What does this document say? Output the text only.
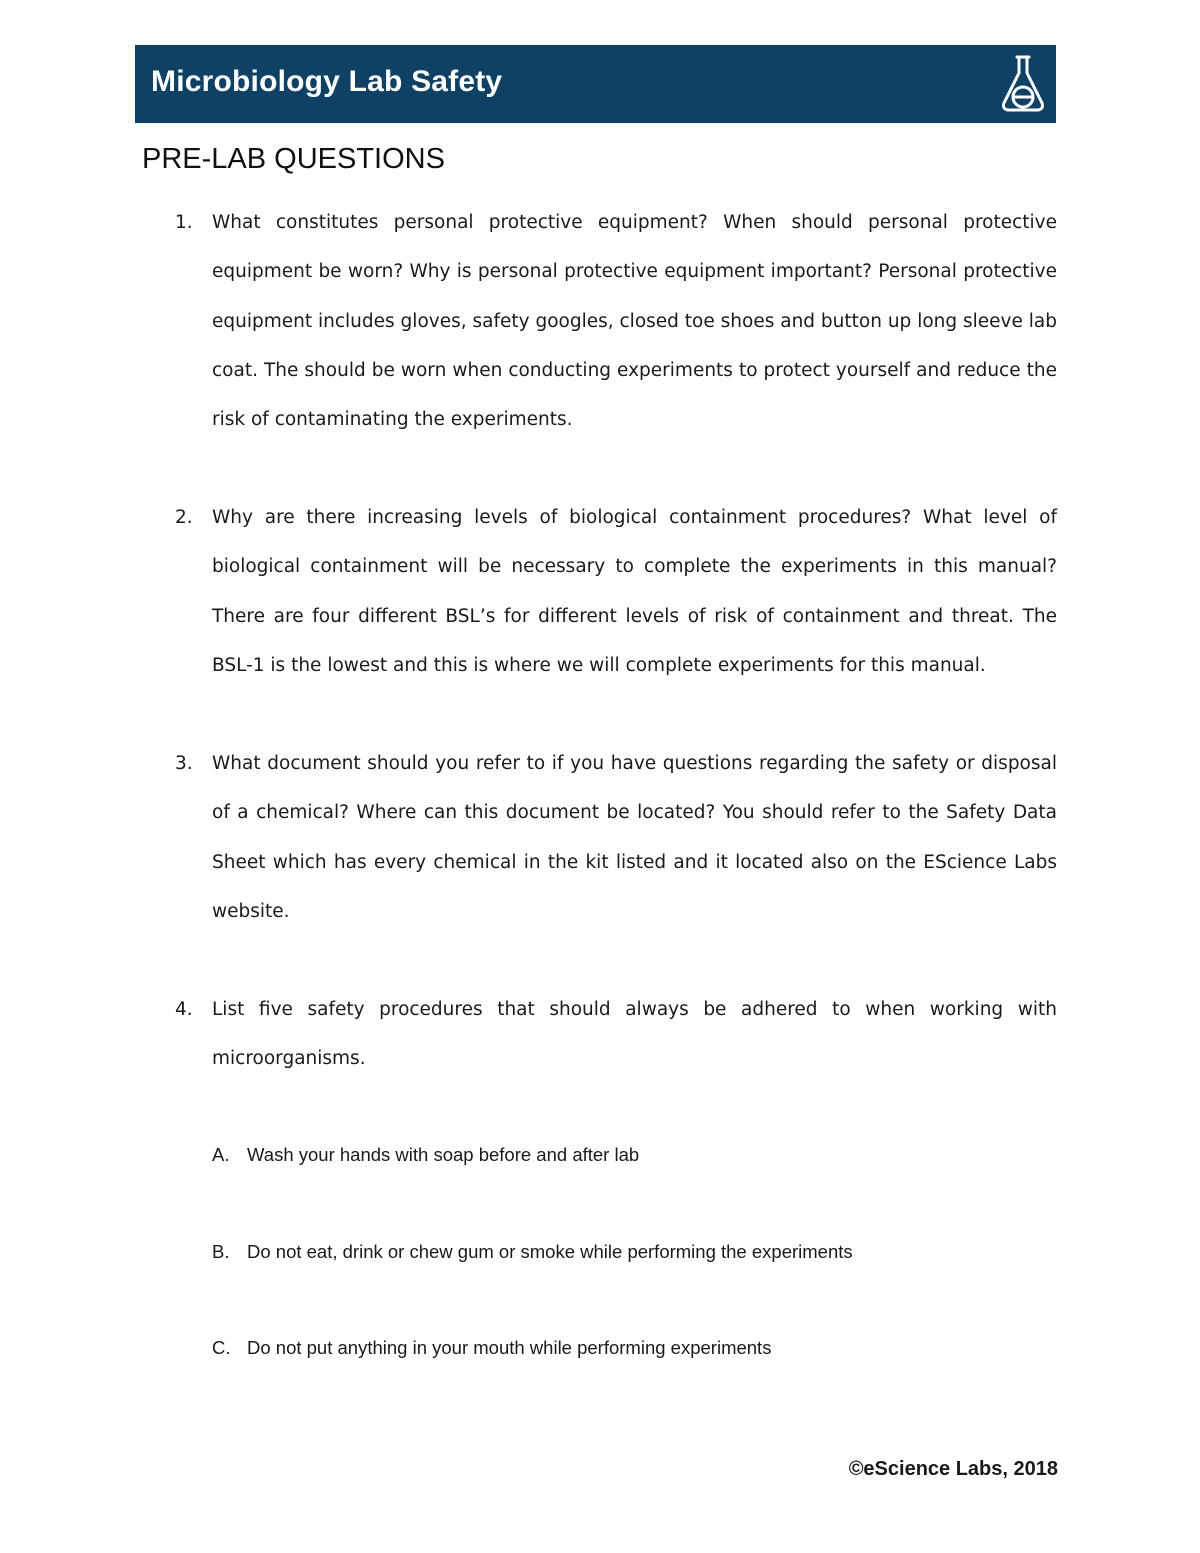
Microbiology Lab Safety
PRE-LAB QUESTIONS
1.	What constitutes personal protective equipment? When should personal protective equipment be worn? Why is personal protective equipment important? Personal protective equipment includes gloves, safety googles, closed toe shoes and button up long sleeve lab coat. The should be worn when conducting experiments to protect yourself and reduce the risk of contaminating the experiments.
2.	Why are there increasing levels of biological containment procedures? What level of biological containment will be necessary to complete the experiments in this manual? There are four different BSL’s for different levels of risk of containment and threat. The BSL-1 is the lowest and this is where we will complete experiments for this manual.
3.	What document should you refer to if you have questions regarding the safety or disposal of a chemical? Where can this document be located? You should refer to the Safety Data Sheet which has every chemical in the kit listed and it located also on the EScience Labs website.
4.	List five safety procedures that should always be adhered to when working with microorganisms.
A. Wash your hands with soap before and after lab
B. Do not eat, drink or chew gum or smoke while performing the experiments
C. Do not put anything in your mouth while performing experiments
©eScience Labs, 2018
